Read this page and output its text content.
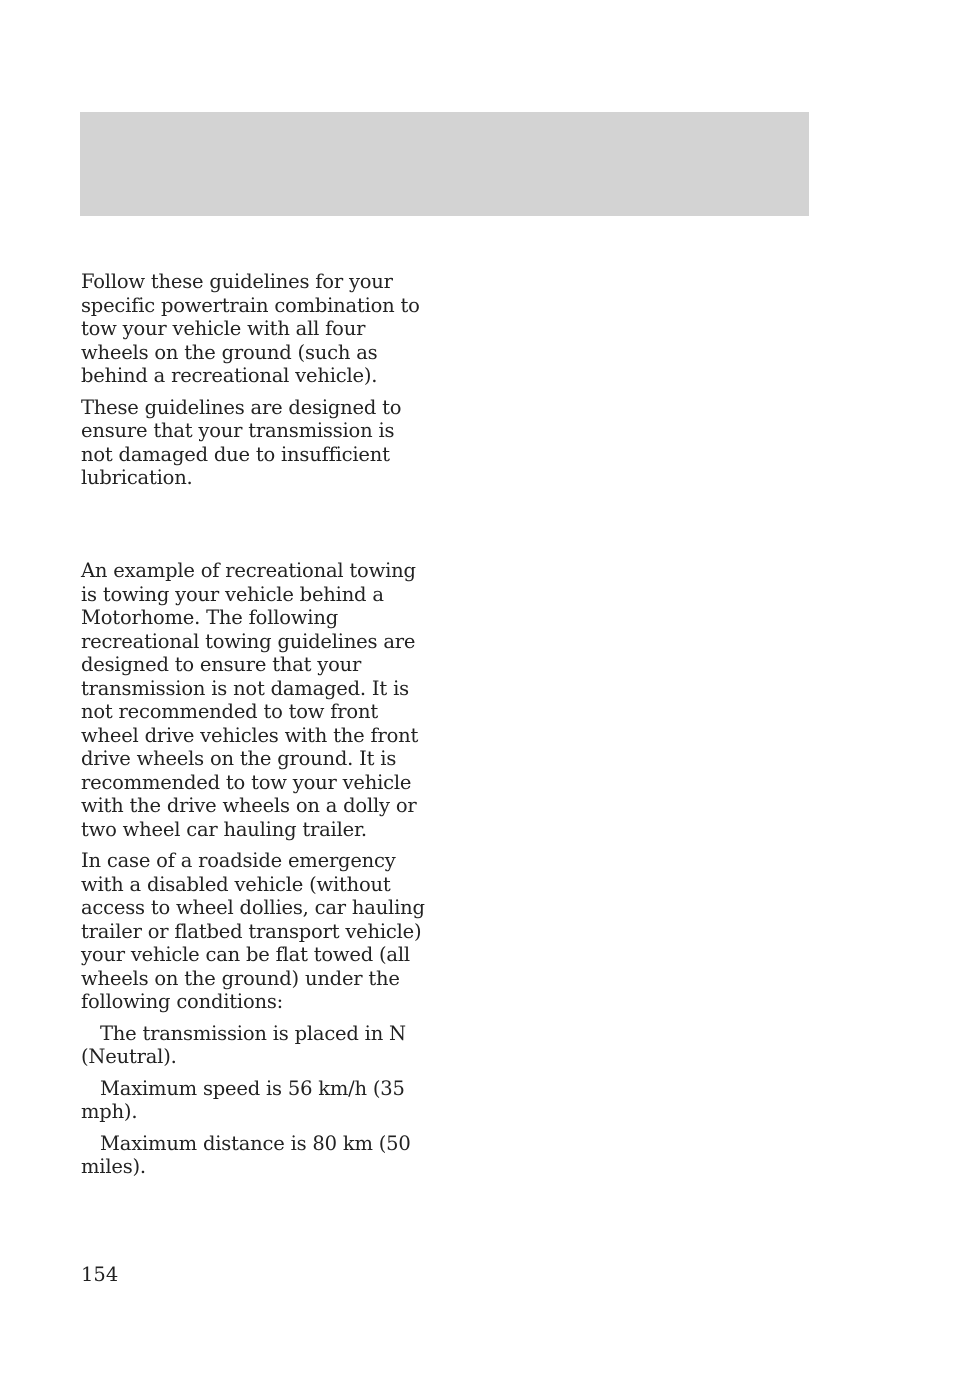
Follow these guidelines for your specific powertrain combination to tow your vehicle with all four wheels on the ground (such as behind a recreational vehicle).

These guidelines are designed to ensure that your transmission is not damaged due to insufficient lubrication.

An example of recreational towing is towing your vehicle behind a Motorhome. The following recreational towing guidelines are designed to ensure that your transmission is not damaged. It is not recommended to tow front wheel drive vehicles with the front drive wheels on the ground. It is recommended to tow your vehicle with the drive wheels on a dolly or two wheel car hauling trailer.

In case of a roadside emergency with a disabled vehicle (without access to wheel dollies, car hauling trailer or flatbed transport vehicle) your vehicle can be flat towed (all wheels on the ground) under the following conditions:

The transmission is placed in N (Neutral).

Maximum speed is 56 km/h (35 mph).

Maximum distance is 80 km (50 miles).

154
